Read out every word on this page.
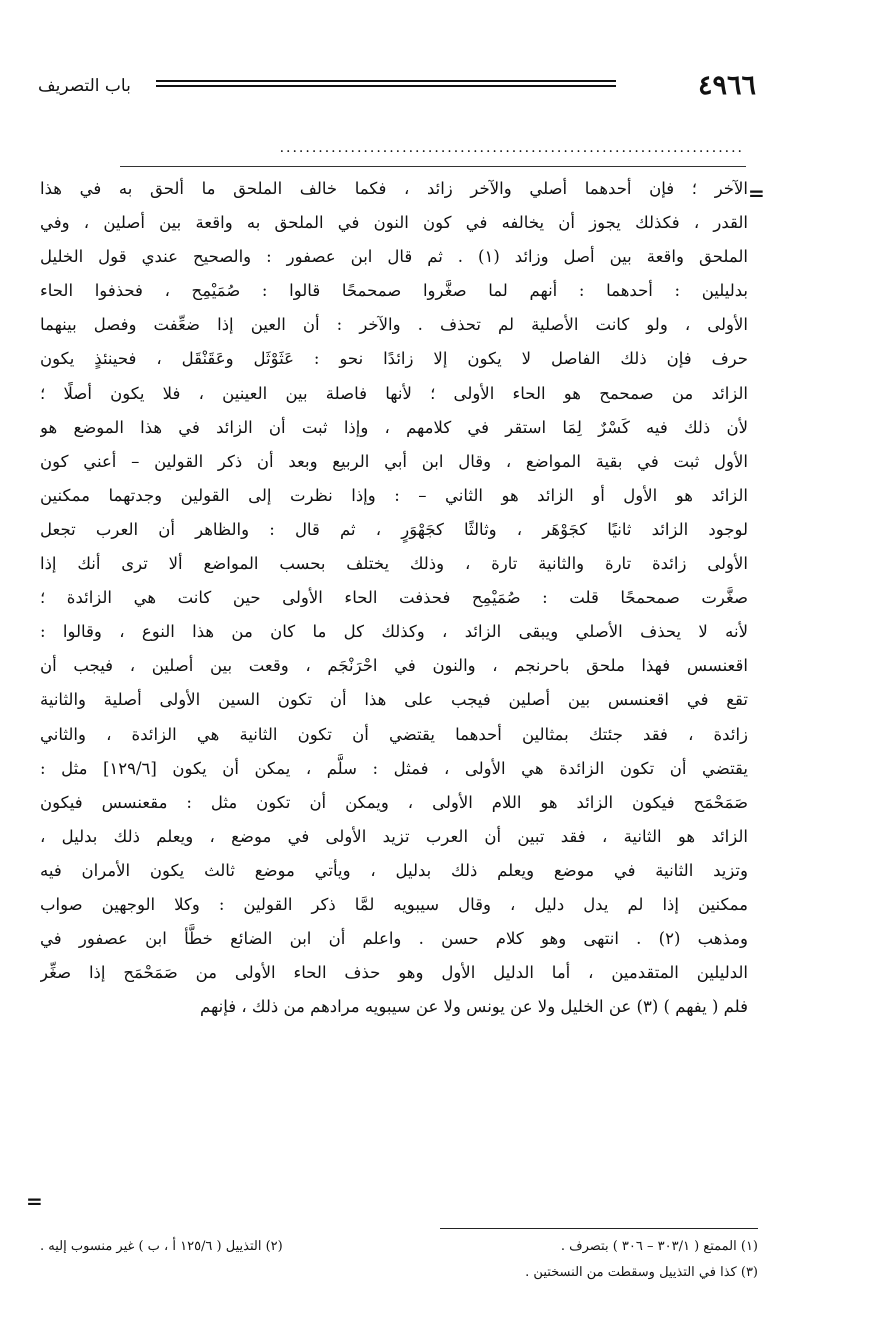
٤٩٦٦
باب التصريف
........................................................................
=
الآخر ؛ فإن أحدهما أصلي والآخر زائد ، فكما خالف الملحق ما ألحق به في هذا
القدر ، فكذلك يجوز أن يخالفه في كون النون في الملحق به واقعة بين أصلين ، وفي
الملحق واقعة بين أصل وزائد (١) . ثم قال ابن عصفور : والصحيح عندي قول الخليل
بدليلين : أحدهما : أنهم لما صغَّروا صمحمحًا قالوا : صُمَيْمِح ، فحذفوا الحاء
الأولى ، ولو كانت الأصلية لم تحذف . والآخر : أن العين إذا ضعِّفت وفصل بينهما
حرف فإن ذلك الفاصل لا يكون إلا زائدًا نحو : عَثَوْثَل وعَقَنْقَل ، فحينئذٍ يكون
الزائد من صمحمح هو الحاء الأولى ؛ لأنها فاصلة بين العينين ، فلا يكون أصلًا ؛
لأن ذلك فيه كَسْرٌ لِمَا استقر في كلامهم ، وإذا ثبت أن الزائد في هذا الموضع هو
الأول ثبت في بقية المواضع ، وقال ابن أبي الربيع وبعد أن ذكر القولين – أعني كون
الزائد هو الأول أو الزائد هو الثاني – : وإذا نظرت إلى القولين وجدتهما ممكنين
لوجود الزائد ثانيًا كجَوْهَر ، وثالثًا كجَهْوَرٍ ، ثم قال : والظاهر أن العرب تجعل
الأولى زائدة تارة والثانية تارة ، وذلك يختلف بحسب المواضع ألا ترى أنك إذا
صغَّرت صمحمحًا قلت : صُمَيْمِح فحذفت الحاء الأولى حين كانت هي الزائدة ؛
لأنه لا يحذف الأصلي ويبقى الزائد ، وكذلك كل ما كان من هذا النوع ، وقالوا :
اقعنسس فهذا ملحق باحرنجم ، والنون في احْرَنْجَم ، وقعت بين أصلين ، فيجب أن
تقع في اقعنسس بين أصلين فيجب على هذا أن تكون السين الأولى أصلية والثانية
زائدة ، فقد جئتك بمثالين أحدهما يقتضي أن تكون الثانية هي الزائدة ، والثاني
يقتضي أن تكون الزائدة هي الأولى ، فمثل : سلَّم ، يمكن أن يكون [١٢٩/٦] مثل :
صَمَحْمَح فيكون الزائد هو اللام الأولى ، ويمكن أن تكون مثل : مقعنسس فيكون
الزائد هو الثانية ، فقد تبين أن العرب تزيد الأولى في موضع ، ويعلم ذلك بدليل ،
وتزيد الثانية في موضع ويعلم ذلك بدليل ، ويأتي موضع ثالث يكون الأمران فيه
ممكنين إذا لم يدل دليل ، وقال سيبويه لمَّا ذكر القولين : وكلا الوجهين صواب
ومذهب (٢) . انتهى وهو كلام حسن . واعلم أن ابن الضائع خطَّأ ابن عصفور في
الدليلين المتقدمين ، أما الدليل الأول وهو حذف الحاء الأولى من صَمَحْمَح إذا صغِّر
فلم ( يفهم ) (٣) عن الخليل ولا عن يونس ولا عن سيبويه مرادهم من ذلك ، فإنهم
=
(١) الممتع ( ٣٠٣/١ – ٣٠٦ ) بتصرف .
(٢) التذييل ( ١٢٥/٦ أ ، ب ) غير منسوب إليه .
(٣) كذا في التذييل وسقطت من النسختين .
